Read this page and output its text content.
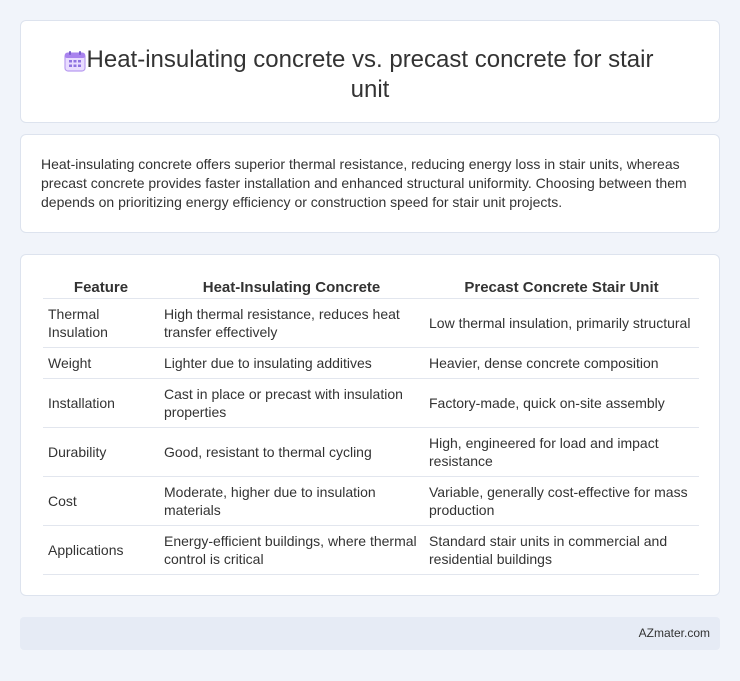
Heat-insulating concrete vs. precast concrete for stair unit

Heat-insulating concrete offers superior thermal resistance, reducing energy loss in stair units, whereas precast concrete provides faster installation and enhanced structural uniformity. Choosing between them depends on prioritizing energy efficiency or construction speed for stair unit projects.

Feature	Heat-Insulating Concrete	Precast Concrete Stair Unit
Thermal Insulation	High thermal resistance, reduces heat transfer effectively	Low thermal insulation, primarily structural
Weight	Lighter due to insulating additives	Heavier, dense concrete composition
Installation	Cast in place or precast with insulation properties	Factory-made, quick on-site assembly
Durability	Good, resistant to thermal cycling	High, engineered for load and impact resistance
Cost	Moderate, higher due to insulation materials	Variable, generally cost-effective for mass production
Applications	Energy-efficient buildings, where thermal control is critical	Standard stair units in commercial and residential buildings
AZmater.com
